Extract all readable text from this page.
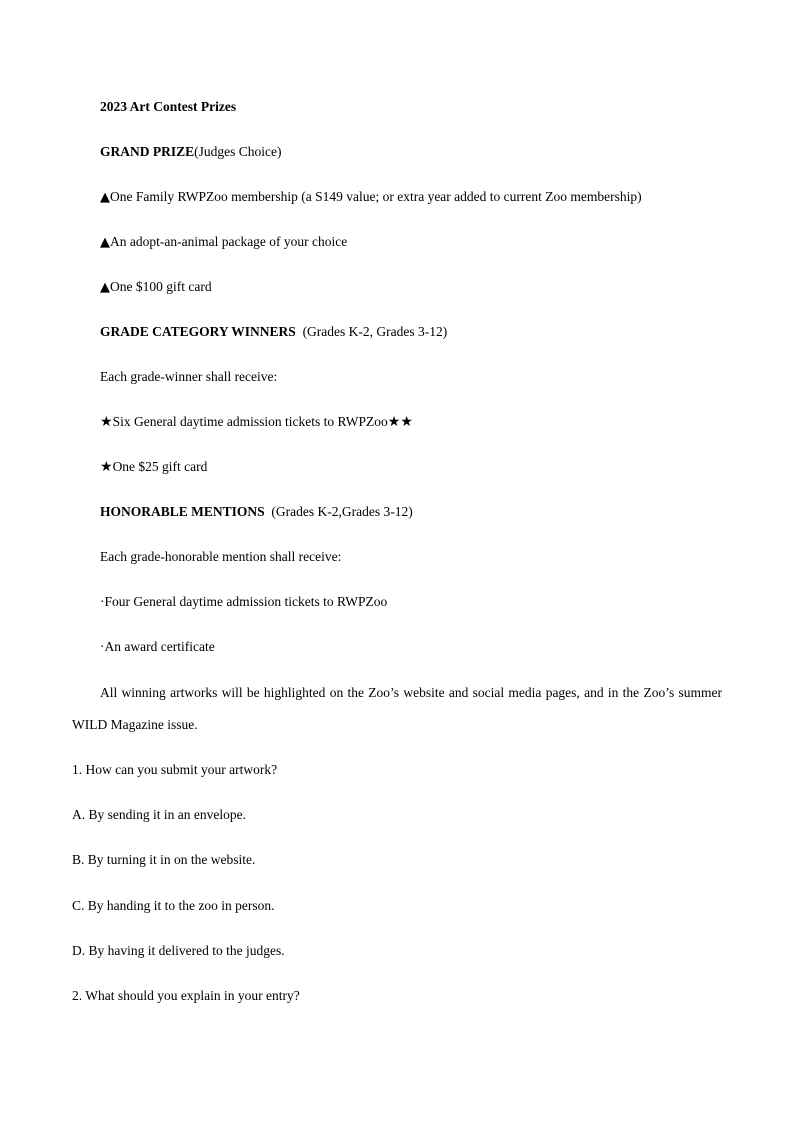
2023 Art Contest Prizes

GRAND PRIZE(Judges Choice)

▲One Family RWPZoo membership (a S149 value; or extra year added to current Zoo membership)

▲An adopt-an-animal package of your choice

▲One $100 gift card

GRADE CATEGORY WINNERS (Grades K-2, Grades 3-12)

Each grade-winner shall receive:

★Six General daytime admission tickets to RWPZoo★★

★One $25 gift card

HONORABLE MENTIONS (Grades K-2,Grades 3-12)

Each grade-honorable mention shall receive:

·Four General daytime admission tickets to RWPZoo

·An award certificate

All winning artworks will be highlighted on the Zoo’s website and social media pages, and in the Zoo’s summer WILD Magazine issue.

1. How can you submit your artwork?

A. By sending it in an envelope.

B. By turning it in on the website.

C. By handing it to the zoo in person.

D. By having it delivered to the judges.

2. What should you explain in your entry?
